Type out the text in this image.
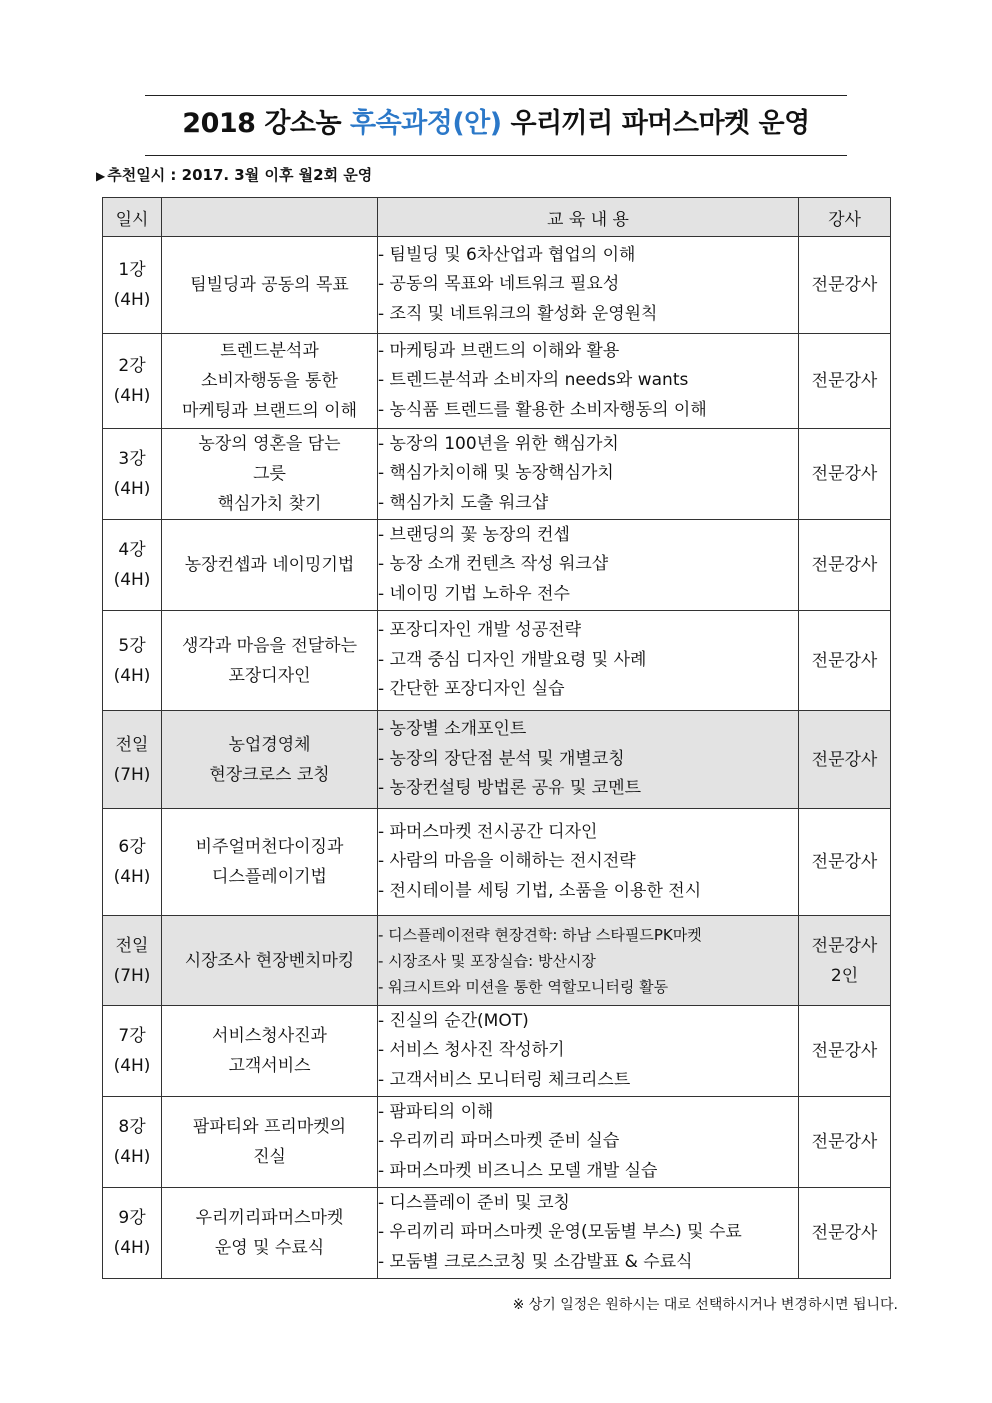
2018 강소농 후속과정(안) 우리끼리 파머스마켓 운영
▶ 추천일시 : 2017. 3월 이후 월2회 운영
일시		교 육 내 용	강사

1강
(4H)	팀빌딩과 공동의 목표	- 팀빌딩 및 6차산업과 협업의 이해
- 공동의 목표와 네트워크 필요성
- 조직 및 네트워크의 활성화 운영원칙	전문강사

2강
(4H)	트렌드분석과
소비자행동을 통한
마케팅과 브랜드의 이해	- 마케팅과 브랜드의 이해와 활용
- 트렌드분석과 소비자의 needs와 wants
- 농식품 트렌드를 활용한 소비자행동의 이해	전문강사

3강
(4H)	농장의 영혼을 담는
그릇
핵심가치 찾기	- 농장의 100년을 위한 핵심가치
- 핵심가치이해 및 농장핵심가치
- 핵심가치 도출 워크샵	전문강사

4강
(4H)	농장컨셉과 네이밍기법	- 브랜딩의 꽃 농장의 컨셉
- 농장 소개 컨텐츠 작성 워크샵
- 네이밍 기법 노하우 전수	전문강사

5강
(4H)	생각과 마음을 전달하는
포장디자인	- 포장디자인 개발 성공전략
- 고객 중심 디자인 개발요령 및 사례
- 간단한 포장디자인 실습	전문강사

전일
(7H)	농업경영체
현장크로스 코칭	- 농장별 소개포인트
- 농장의 장단점 분석 및 개별코칭
- 농장컨설팅 방법론 공유 및 코멘트	전문강사

6강
(4H)	비주얼머천다이징과
디스플레이기법	- 파머스마켓 전시공간 디자인
- 사람의 마음을 이해하는 전시전략
- 전시테이블 세팅 기법, 소품을 이용한 전시	전문강사

전일
(7H)	시장조사 현장벤치마킹	- 디스플레이전략 현장견학: 하남 스타필드PK마켓
- 시장조사 및 포장실습: 방산시장
- 워크시트와 미션을 통한 역할모니터링 활동	전문강사
2인

7강
(4H)	서비스청사진과
고객서비스	- 진실의 순간(MOT)
- 서비스 청사진 작성하기
- 고객서비스 모니터링 체크리스트	전문강사

8강
(4H)	팜파티와 프리마켓의
진실	- 팜파티의 이해
- 우리끼리 파머스마켓 준비 실습
- 파머스마켓 비즈니스 모델 개발 실습	전문강사

9강
(4H)	우리끼리파머스마켓
운영 및 수료식	- 디스플레이 준비 및 코칭
- 우리끼리 파머스마켓 운영(모둠별 부스) 및 수료
- 모둠별 크로스코칭 및 소감발표 & 수료식	전문강사
※ 상기 일정은 원하시는 대로 선택하시거나 변경하시면 됩니다.
